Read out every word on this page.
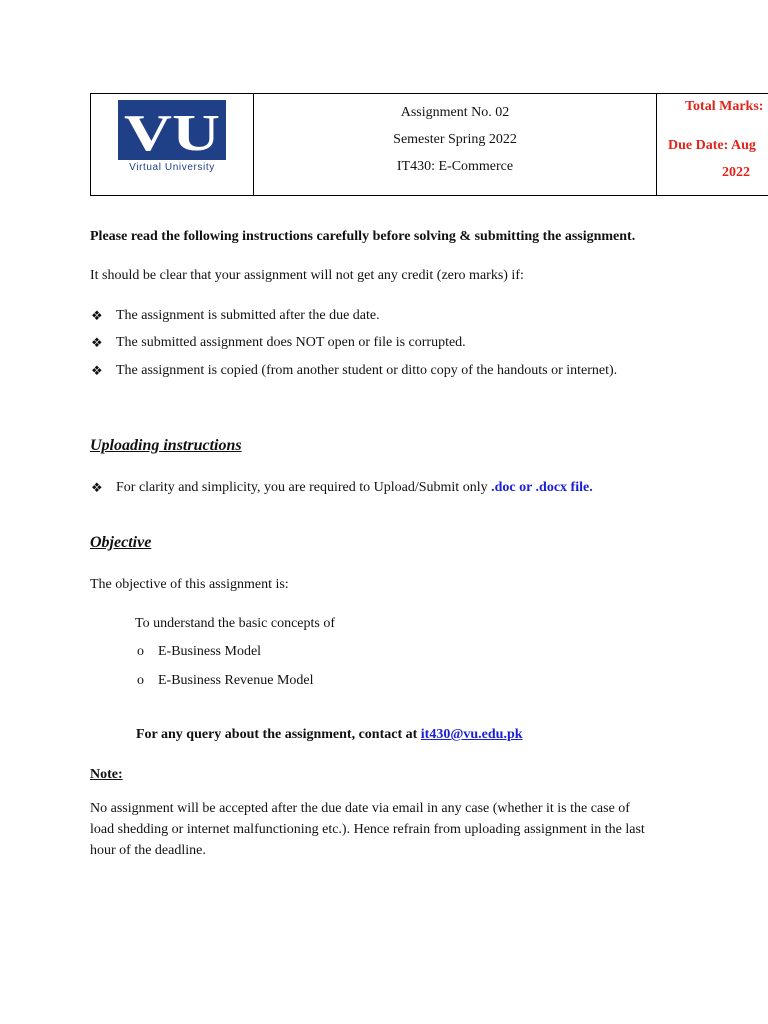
VU
Virtual University
Assignment No. 02
Semester Spring 2022
IT430: E-Commerce
Total Marks:
Due Date: Aug
2022
Please read the following instructions carefully before solving & submitting the assignment.
It should be clear that your assignment will not get any credit (zero marks) if:
❖ The assignment is submitted after the due date.
❖ The submitted assignment does NOT open or file is corrupted.
❖ The assignment is copied (from another student or ditto copy of the handouts or internet).
Uploading instructions
❖ For clarity and simplicity, you are required to Upload/Submit only .doc or .docx file.
Objective
The objective of this assignment is:
To understand the basic concepts of
o E-Business Model
o E-Business Revenue Model
For any query about the assignment, contact at it430@vu.edu.pk
Note:
No assignment will be accepted after the due date via email in any case (whether it is the case of
load shedding or internet malfunctioning etc.). Hence refrain from uploading assignment in the last
hour of the deadline.
